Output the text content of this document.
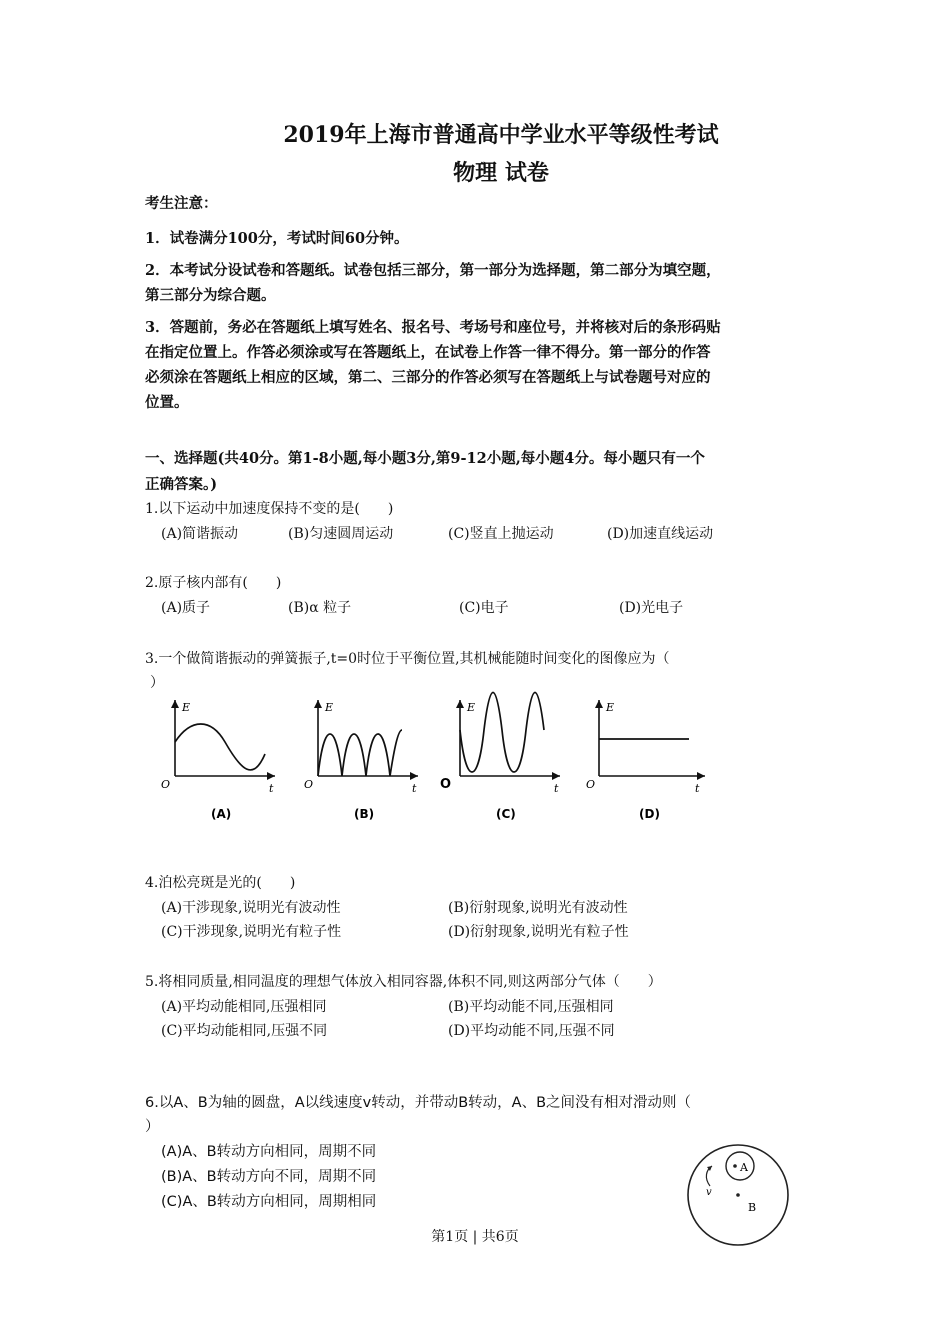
2019年上海市普通高中学业水平等级性考试
物理 试卷
考生注意：
1．试卷满分100分，考试时间60分钟。
2．本考试分设试卷和答题纸。试卷包括三部分，第一部分为选择题，第二部分为填空题，
第三部分为综合题。
3．答题前，务必在答题纸上填写姓名、报名号、考场号和座位号，并将核对后的条形码贴
在指定位置上。作答必须涂或写在答题纸上，在试卷上作答一律不得分。第一部分的作答
必须涂在答题纸上相应的区域，第二、三部分的作答必须写在答题纸上与试卷题号对应的
位置。
一、选择题(共40分。第1-8小题,每小题3分,第9-12小题,每小题4分。每小题只有一个
正确答案。)
1.以下运动中加速度保持不变的是(　　)
(A)简谐振动	(B)匀速圆周运动	(C)竖直上抛运动	(D)加速直线运动
2.原子核内部有(　　)
(A)质子	(B)α 粒子	(C)电子	(D)光电子
3.一个做简谐振动的弹簧振子,t=0时位于平衡位置,其机械能随时间变化的图像应为（
）
E
O	t
(A)
E
O	t
(B)
E
O	t
(C)
E
O	t
(D)
4.泊松亮斑是光的(　　)
(A)干涉现象,说明光有波动性	(B)衍射现象,说明光有波动性
(C)干涉现象,说明光有粒子性	(D)衍射现象,说明光有粒子性
5.将相同质量,相同温度的理想气体放入相同容器,体积不同,则这两部分气体（　　）
(A)平均动能相同,压强相同	(B)平均动能不同,压强相同
(C)平均动能相同,压强不同	(D)平均动能不同,压强不同
6.以A、B为轴的圆盘，A以线速度v转动，并带动B转动，A、B之间没有相对滑动则（
）
(A)A、B转动方向相同，周期不同
(B)A、B转动方向不同，周期不同
(C)A、B转动方向相同，周期相同
A
B
v
第1页 | 共6页
